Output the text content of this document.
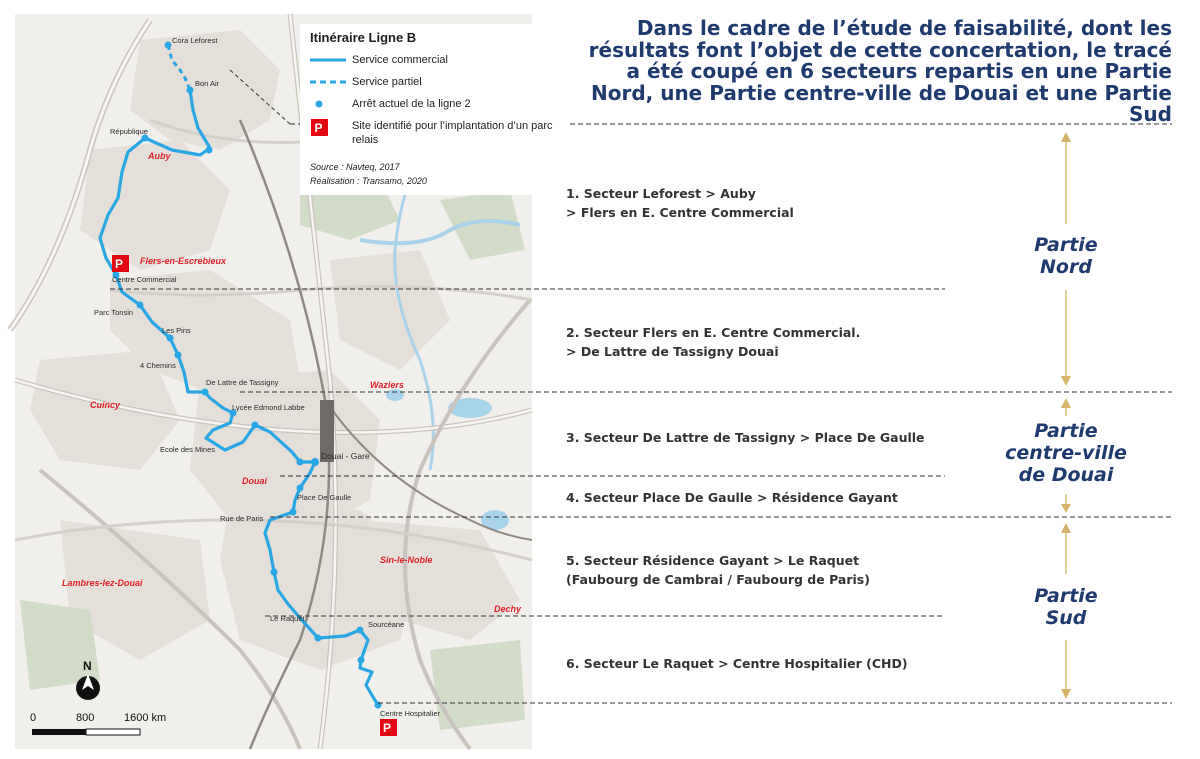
Cora Leforest
Bon Air
République
Centre Commercial
Parc Tonsin
Les Pins
4 Chemins
De Lattre de Tassigny
Lycée Edmond Labbe
Ecole des Mines
Douai - Gare
Place De Gaulle
Rue de Paris
Le Raquet
Sourcéane
Centre Hospitalier
Auby
Flers-en-Escrebieux
Waziers
Cuincy
Douai
Sin-le-Noble
Lambres-lez-Douai
Dechy
P
P
N
0	800	1600 km
Itinéraire Ligne B
Service commercial
Service partiel
Arrêt actuel de la ligne 2
P	Site identifié pour l’implantation d’un parc relais
Source : Navteq, 2017
Réalisation : Transamo, 2020
Dans le cadre de l’étude de faisabilité, dont les résultats font l’objet de cette concertation, le tracé a été coupé en 6 secteurs repartis en une Partie Nord, une Partie centre-ville de Douai et une Partie Sud
1. Secteur Leforest > Auby
> Flers en E. Centre Commercial
2. Secteur Flers en E. Centre Commercial.
> De Lattre de Tassigny Douai
3. Secteur De Lattre de Tassigny > Place De Gaulle
4. Secteur Place De Gaulle > Résidence Gayant
5. Secteur Résidence Gayant > Le Raquet
(Faubourg de Cambrai / Faubourg de Paris)
6. Secteur Le Raquet > Centre Hospitalier (CHD)
Partie
Nord
Partie
centre-ville
de Douai
Partie
Sud
